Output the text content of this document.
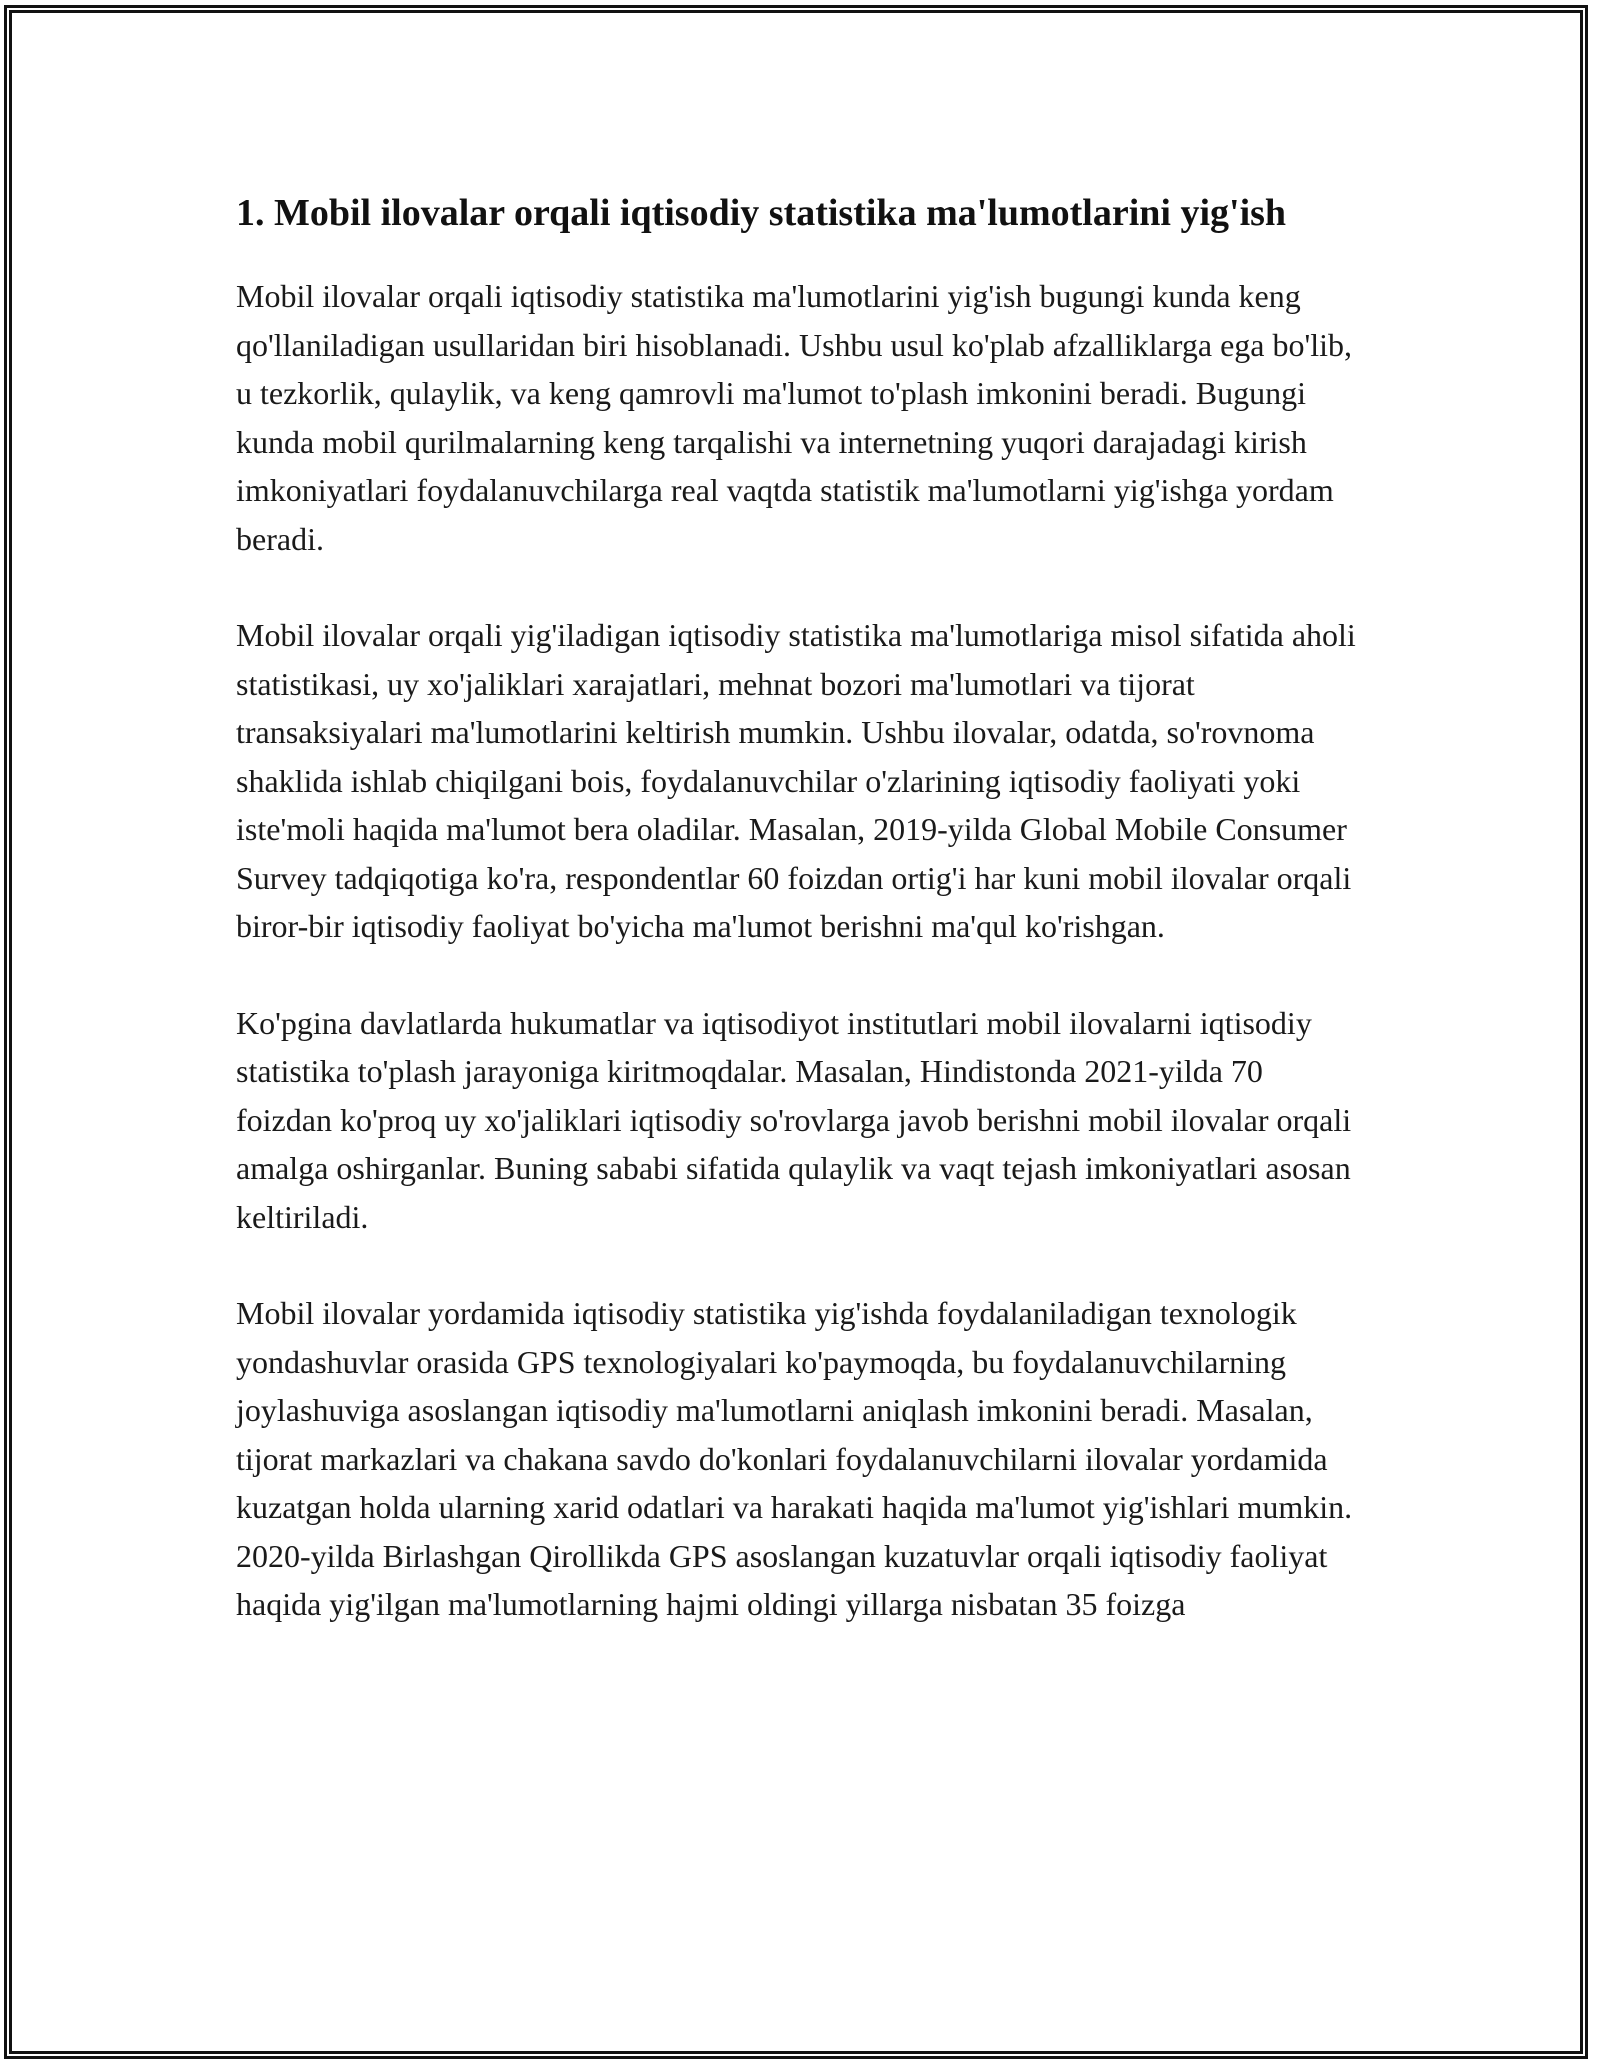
1. Mobil ilovalar orqali iqtisodiy statistika ma'lumotlarini yig'ish

Mobil ilovalar orqali iqtisodiy statistika ma'lumotlarini yig'ish bugungi kunda keng qo'llaniladigan usullaridan biri hisoblanadi. Ushbu usul ko'plab afzalliklarga ega bo'lib, u tezkorlik, qulaylik, va keng qamrovli ma'lumot to'plash imkonini beradi. Bugungi kunda mobil qurilmalarning keng tarqalishi va internetning yuqori darajadagi kirish imkoniyatlari foydalanuvchilarga real vaqtda statistik ma'lumotlarni yig'ishga yordam beradi.

Mobil ilovalar orqali yig'iladigan iqtisodiy statistika ma'lumotlariga misol sifatida aholi statistikasi, uy xo'jaliklari xarajatlari, mehnat bozori ma'lumotlari va tijorat transaksiyalari ma'lumotlarini keltirish mumkin. Ushbu ilovalar, odatda, so'rovnoma shaklida ishlab chiqilgani bois, foydalanuvchilar o'zlarining iqtisodiy faoliyati yoki iste'moli haqida ma'lumot bera oladilar. Masalan, 2019-yilda Global Mobile Consumer Survey tadqiqotiga ko'ra, respondentlar 60 foizdan ortig'i har kuni mobil ilovalar orqali biror-bir iqtisodiy faoliyat bo'yicha ma'lumot berishni ma'qul ko'rishgan.

Ko'pgina davlatlarda hukumatlar va iqtisodiyot institutlari mobil ilovalarni iqtisodiy statistika to'plash jarayoniga kiritmoqdalar. Masalan, Hindistonda 2021-yilda 70 foizdan ko'proq uy xo'jaliklari iqtisodiy so'rovlarga javob berishni mobil ilovalar orqali amalga oshirganlar. Buning sababi sifatida qulaylik va vaqt tejash imkoniyatlari asosan keltiriladi.

Mobil ilovalar yordamida iqtisodiy statistika yig'ishda foydalaniladigan texnologik yondashuvlar orasida GPS texnologiyalari ko'paymoqda, bu foydalanuvchilarning joylashuviga asoslangan iqtisodiy ma'lumotlarni aniqlash imkonini beradi. Masalan, tijorat markazlari va chakana savdo do'konlari foydalanuvchilarni ilovalar yordamida kuzatgan holda ularning xarid odatlari va harakati haqida ma'lumot yig'ishlari mumkin. 2020-yilda Birlashgan Qirollikda GPS asoslangan kuzatuvlar orqali iqtisodiy faoliyat haqida yig'ilgan ma'lumotlarning hajmi oldingi yillarga nisbatan 35 foizga
